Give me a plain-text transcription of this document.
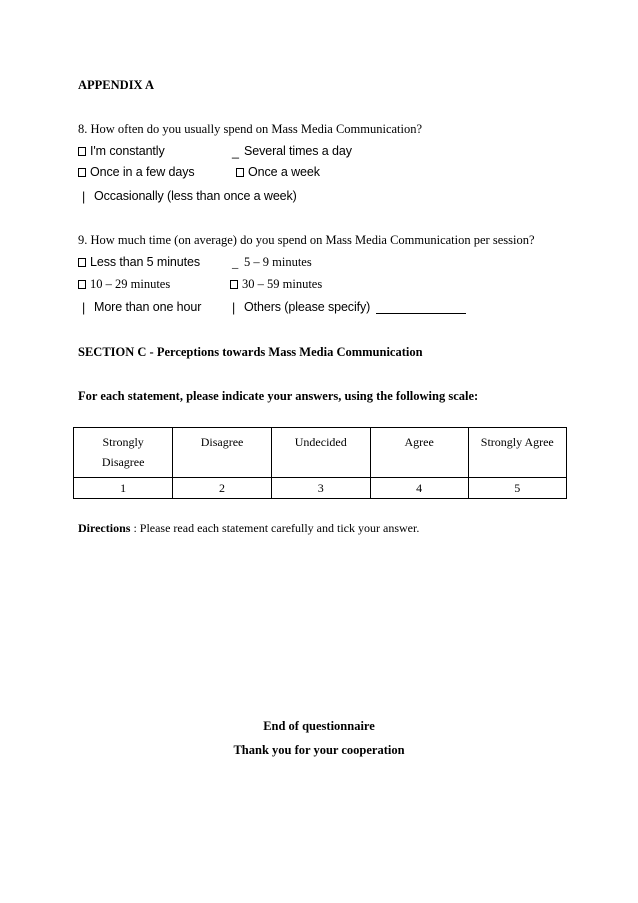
APPENDIX A
8. How often do you usually spend on Mass Media Communication?
I'm constantly	_ Several times a day
Once in a few days	Once a week
| Occasionally (less than once a week)
9. How much time (on average) do you spend on Mass Media Communication per session?
Less than 5 minutes	_ 5 – 9 minutes
10 – 29 minutes	30 – 59 minutes
| More than one hour | Others (please specify)
SECTION C - Perceptions towards Mass Media Communication
For each statement, please indicate your answers, using the following scale:
Strongly Disagree	Disagree	Undecided	Agree	Strongly Agree
1	2	3	4	5
Directions : Please read each statement carefully and tick your answer.
End of questionnaire
Thank you for your cooperation
